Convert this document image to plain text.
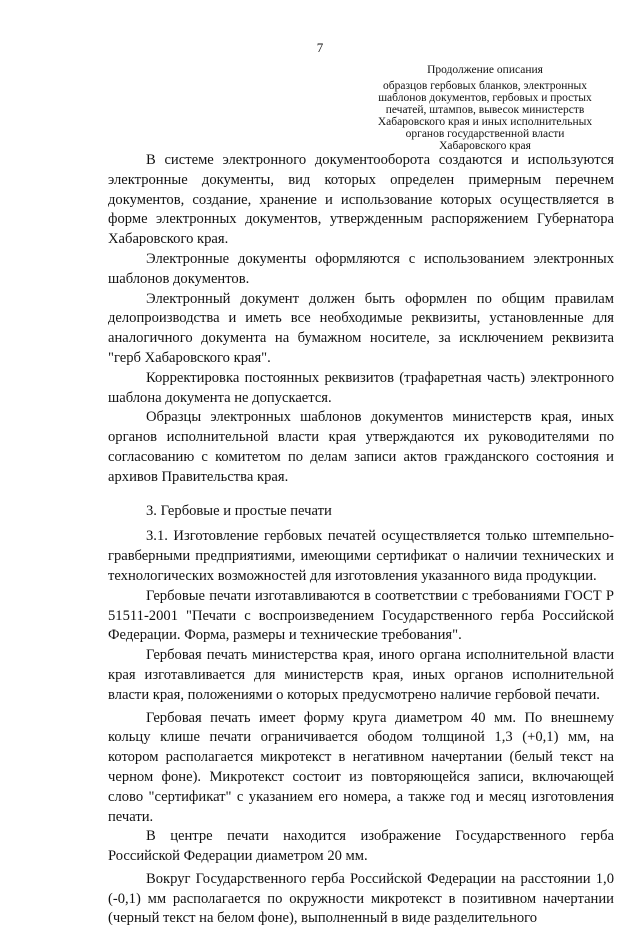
7
Продолжение описания
образцов гербовых бланков, электронных
шаблонов документов, гербовых и простых
печатей, штампов, вывесок министерств
Хабаровского края и иных исполнительных
органов государственной власти
Хабаровского края

В системе электронного документооборота создаются и используются электронные документы, вид которых определен примерным перечнем документов, создание, хранение и использование которых осуществляется в форме электронных документов, утвержденным распоряжением Губернатора Хабаровского края.

Электронные документы оформляются с использованием электронных шаблонов документов.

Электронный документ должен быть оформлен по общим правилам делопроизводства и иметь все необходимые реквизиты, установленные для аналогичного документа на бумажном носителе, за исключением реквизита "герб Хабаровского края".

Корректировка постоянных реквизитов (трафаретная часть) электронного шаблона документа не допускается.

Образцы электронных шаблонов документов министерств края, иных органов исполнительной власти края утверждаются их руководителями по согласованию с комитетом по делам записи актов гражданского состояния и архивов Правительства края.

3. Гербовые и простые печати

3.1. Изготовление гербовых печатей осуществляется только штемпельно-гравберными предприятиями, имеющими сертификат о наличии технических и технологических возможностей для изготовления указанного вида продукции.

Гербовые печати изготавливаются в соответствии с требованиями ГОСТ Р 51511-2001 "Печати с воспроизведением Государственного герба Российской Федерации. Форма, размеры и технические требования".

Гербовая печать министерства края, иного органа исполнительной власти края изготавливается для министерств края, иных органов исполнительной власти края, положениями о которых предусмотрено наличие гербовой печати.

Гербовая печать имеет форму круга диаметром 40 мм. По внешнему кольцу клише печати ограничивается ободом толщиной 1,3 (+0,1) мм, на котором располагается микротекст в негативном начертании (белый текст на черном фоне). Микротекст состоит из повторяющейся записи, включающей слово "сертификат" с указанием его номера, а также год и месяц изготовления печати.

В центре печати находится изображение Государственного герба Российской Федерации диаметром 20 мм.

Вокруг Государственного герба Российской Федерации на расстоянии 1,0 (-0,1) мм располагается по окружности микротекст в позитивном начертании (черный текст на белом фоне), выполненный в виде разделительного
